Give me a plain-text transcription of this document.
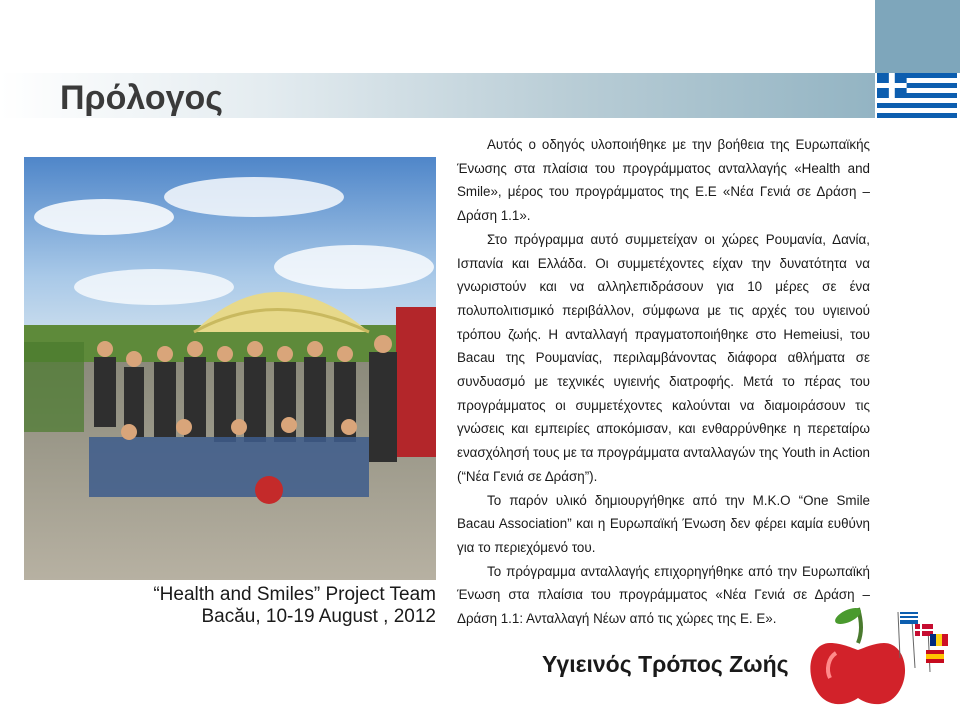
Πρόλογος
“Health and Smiles” Project Team
Bacău, 10-19 August , 2012

Αυτός ο οδηγός υλοποιήθηκε με την βοήθεια της Ευρωπαϊκής Ένωσης στα πλαίσια του προγράμματος ανταλλαγής «Health and Smile», μέρος του προγράμματος της Ε.Ε «Νέα Γενιά σε Δράση – Δράση 1.1».

Στο πρόγραμμα αυτό συμμετείχαν οι χώρες Ρουμανία, Δανία, Ισπανία και Ελλάδα. Οι συμμετέχοντες είχαν την δυνατότητα να γνωριστούν και να αλληλεπιδράσουν για 10 μέρες σε ένα πολυπολιτισμικό περιβάλλον, σύμφωνα με τις αρχές του υγιεινού τρόπου ζωής. Η ανταλλαγή πραγματοποιήθηκε στο Hemeiusi, του Bacau της Ρουμανίας, περιλαμβάνοντας διάφορα αθλήματα σε συνδυασμό με τεχνικές υγιεινής διατροφής. Μετά το πέρας του προγράμματος οι συμμετέχοντες καλούνται να διαμοιράσουν τις γνώσεις και εμπειρίες αποκόμισαν, και ενθαρρύνθηκε η περεταίρω ενασχόλησή τους με τα προγράμματα ανταλλαγών της Youth in Action (“Νέα Γενιά σε Δράση”).

Το παρόν υλικό δημιουργήθηκε από την Μ.Κ.Ο “One Smile Bacau Association” και η Ευρωπαϊκή Ένωση δεν φέρει καμία ευθύνη για το περιεχόμενό του.

Το πρόγραμμα ανταλλαγής επιχορηγήθηκε από την Ευρωπαϊκή Ένωση στα πλαίσια του προγράμματος «Νέα Γενιά σε Δράση – Δράση 1.1: Ανταλλαγή Νέων από τις χώρες της Ε. Ε».

Υγιεινός Τρόπος Ζωής
